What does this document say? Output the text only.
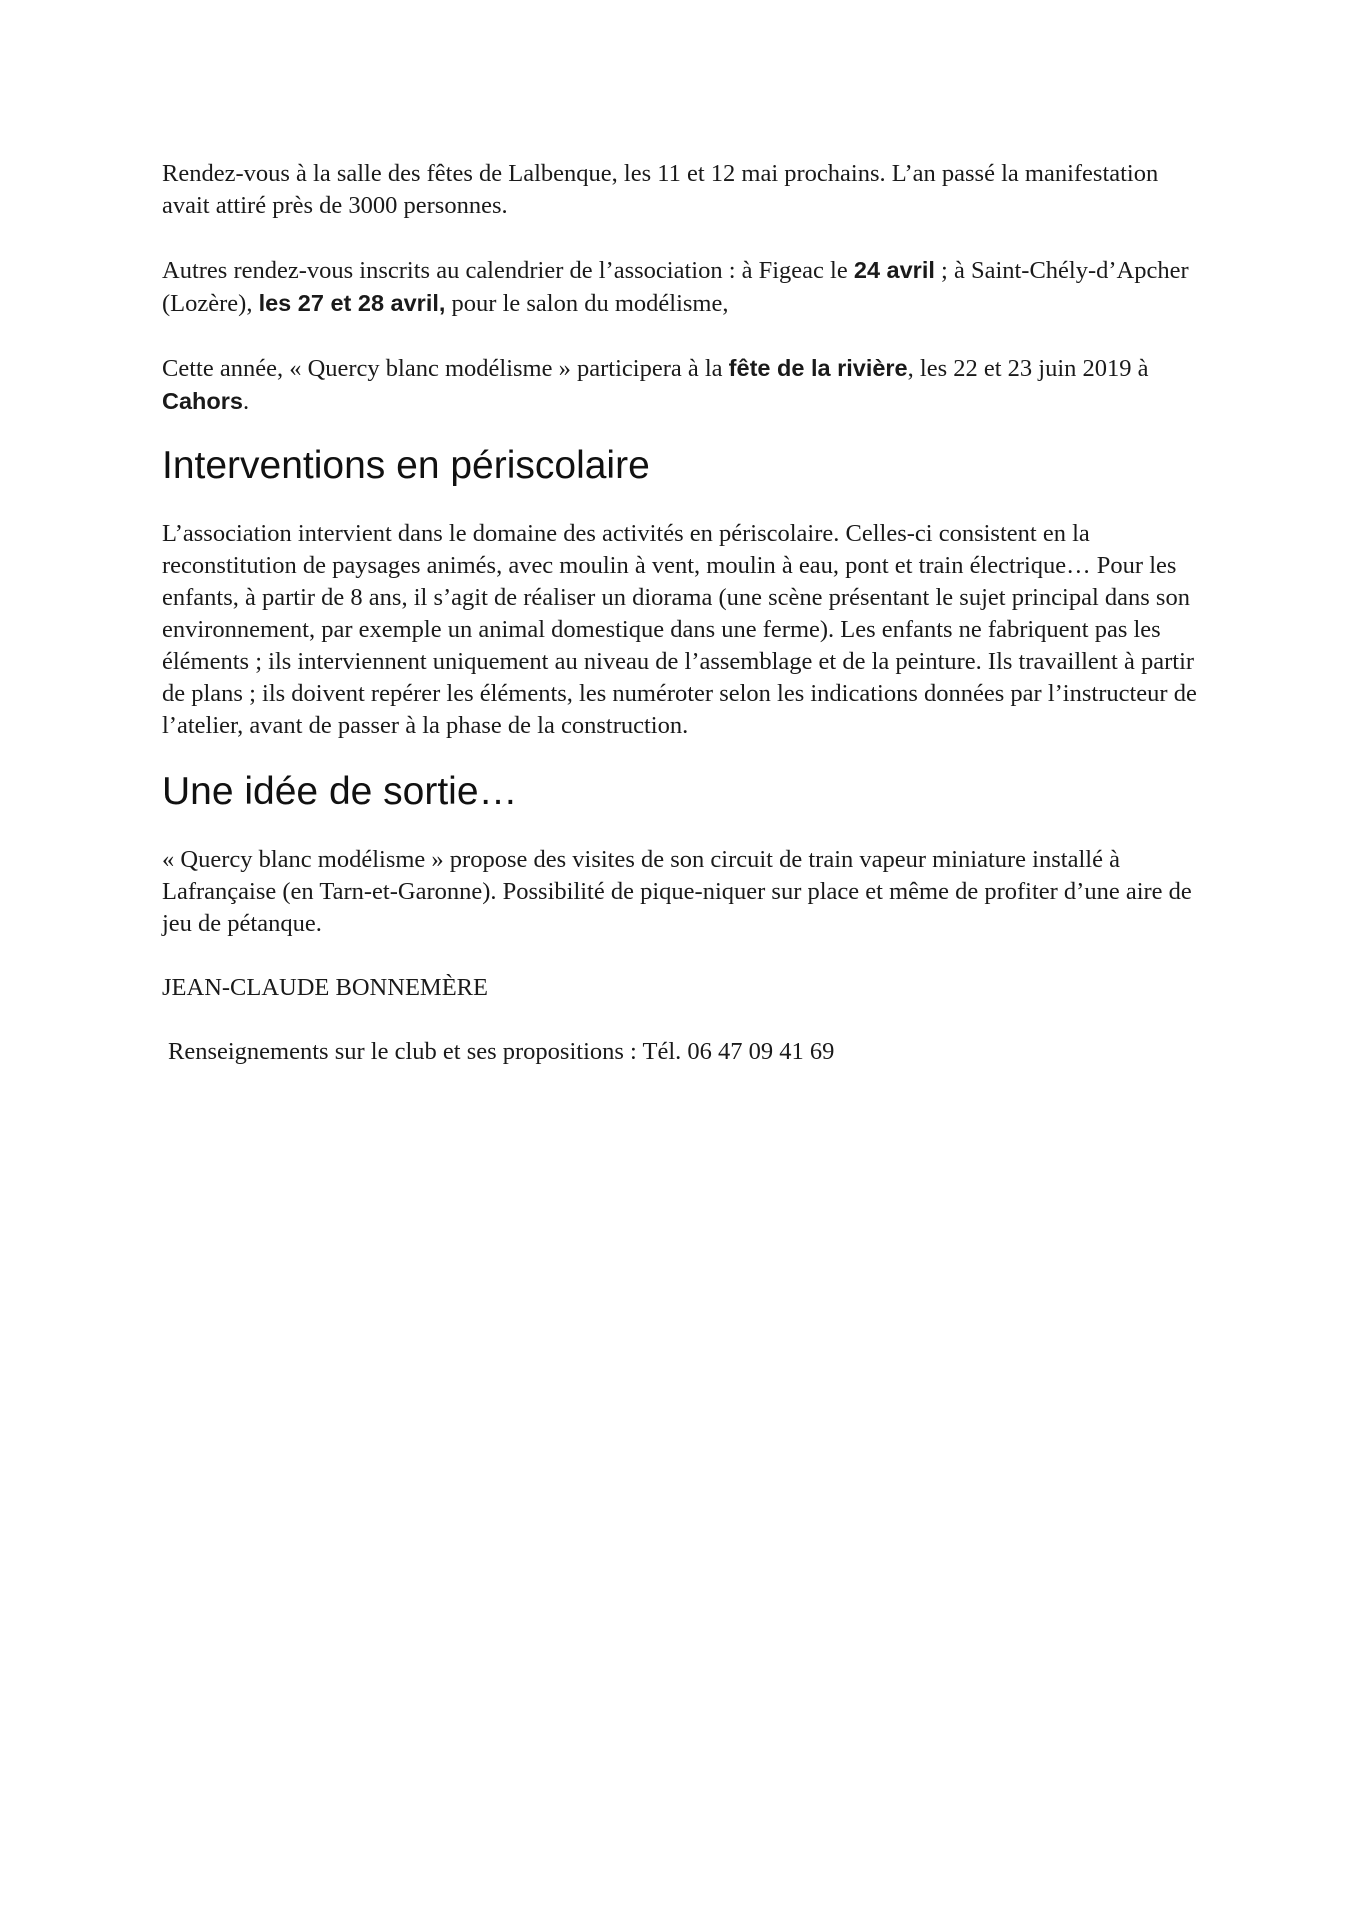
Rendez-vous à la salle des fêtes de Lalbenque, les 11 et 12 mai prochains. L’an passé la manifestation avait attiré près de 3000 personnes.

Autres rendez-vous inscrits au calendrier de l’association : à Figeac le 24 avril ; à Saint-Chély-d’Apcher (Lozère), les 27 et 28 avril, pour le salon du modélisme,

Cette année, « Quercy blanc modélisme » participera à la fête de la rivière, les 22 et 23 juin 2019 à Cahors.

Interventions en périscolaire

L’association intervient dans le domaine des activités en périscolaire. Celles-ci consistent en la reconstitution de paysages animés, avec moulin à vent, moulin à eau, pont et train électrique… Pour les enfants, à partir de 8 ans, il s’agit de réaliser un diorama (une scène présentant le sujet principal dans son environnement, par exemple un animal domestique dans une ferme). Les enfants ne fabriquent pas les éléments ; ils interviennent uniquement au niveau de l’assemblage et de la peinture. Ils travaillent à partir de plans ; ils doivent repérer les éléments, les numéroter selon les indications données par l’instructeur de l’atelier, avant de passer à la phase de la construction.

Une idée de sortie…

« Quercy blanc modélisme » propose des visites de son circuit de train vapeur miniature installé à Lafrançaise (en Tarn-et-Garonne). Possibilité de pique-niquer sur place et même de profiter d’une aire de jeu de pétanque.

JEAN-CLAUDE BONNEMÈRE

Renseignements sur le club et ses propositions : Tél. 06 47 09 41 69
